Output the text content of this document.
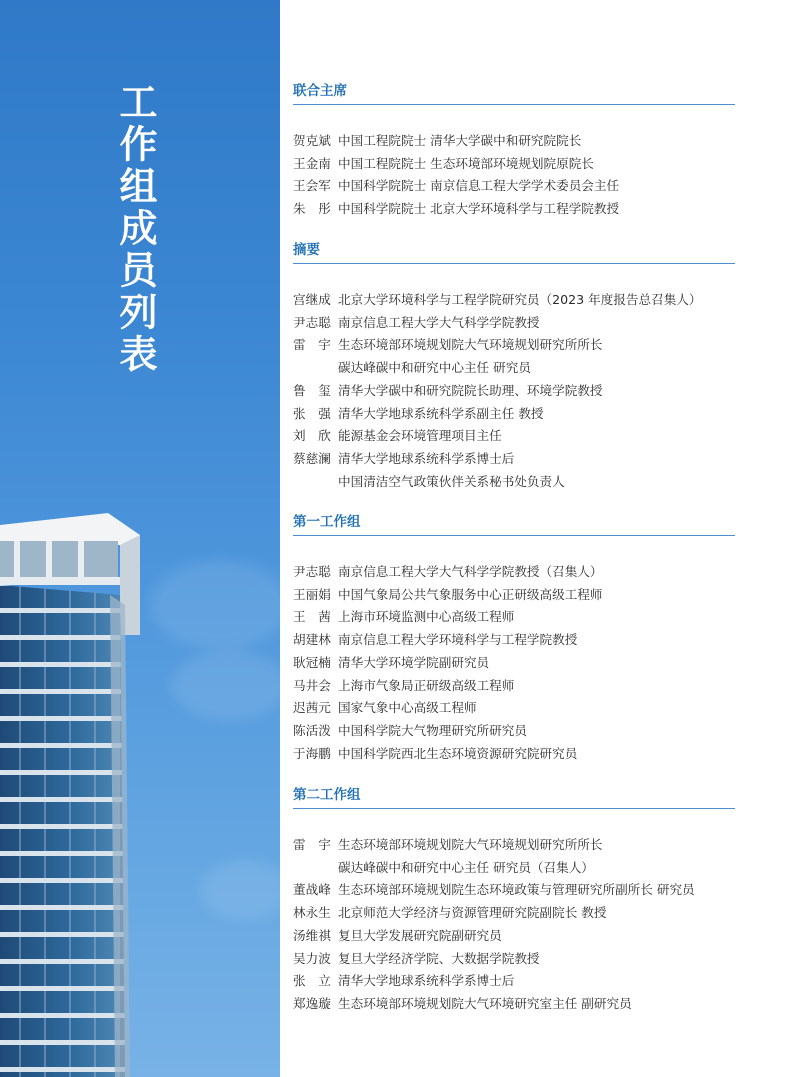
工作组成员列表	联合主席
贺克斌 中国工程院院士 清华大学碳中和研究院院长
王金南 中国工程院院士 生态环境部环境规划院原院长
王会军 中国科学院院士 南京信息工程大学学术委员会主任
朱　彤 中国科学院院士 北京大学环境科学与工程学院教授
摘要
宫继成 北京大学环境科学与工程学院研究员（2023 年度报告总召集人）
尹志聪 南京信息工程大学大气科学学院教授
雷　宇 生态环境部环境规划院大气环境规划研究所所长
碳达峰碳中和研究中心主任 研究员
鲁　玺 清华大学碳中和研究院院长助理、环境学院教授
张　强 清华大学地球系统科学系副主任 教授
刘　欣 能源基金会环境管理项目主任
蔡慈澜 清华大学地球系统科学系博士后
中国清洁空气政策伙伴关系秘书处负责人
第一工作组
尹志聪 南京信息工程大学大气科学学院教授（召集人）
王丽娟 中国气象局公共气象服务中心正研级高级工程师
王　茜 上海市环境监测中心高级工程师
胡建林 南京信息工程大学环境科学与工程学院教授
耿冠楠 清华大学环境学院副研究员
马井会 上海市气象局正研级高级工程师
迟茜元 国家气象中心高级工程师
陈活泼 中国科学院大气物理研究所研究员
于海鹏 中国科学院西北生态环境资源研究院研究员
第二工作组
雷　宇 生态环境部环境规划院大气环境规划研究所所长
碳达峰碳中和研究中心主任 研究员（召集人）
董战峰 生态环境部环境规划院生态环境政策与管理研究所副所长 研究员
林永生 北京师范大学经济与资源管理研究院副院长 教授
汤维祺 复旦大学发展研究院副研究员
吴力波 复旦大学经济学院、大数据学院教授
张　立 清华大学地球系统科学系博士后
郑逸璇 生态环境部环境规划院大气环境研究室主任 副研究员
